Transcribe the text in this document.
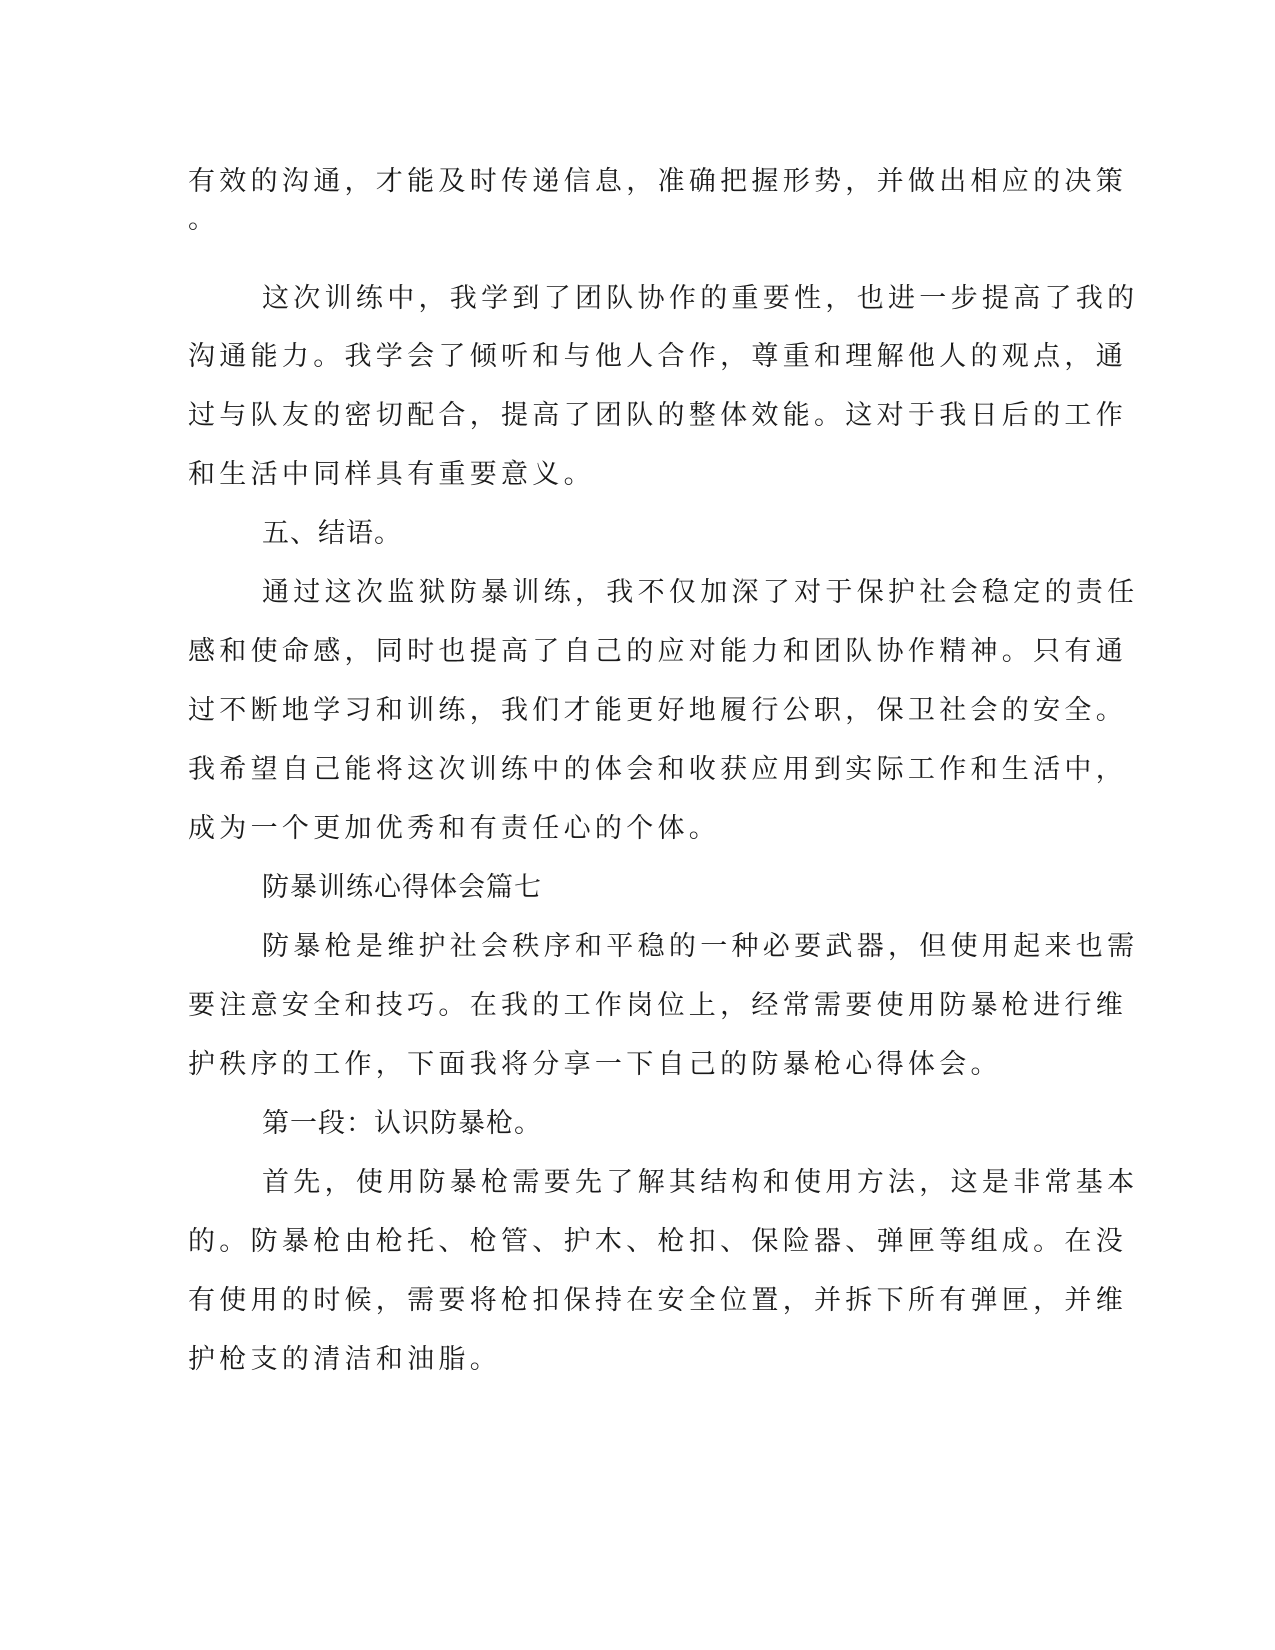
有效的沟通，才能及时传递信息，准确把握形势，并做出相应的决策
。
这次训练中，我学到了团队协作的重要性，也进一步提高了我的
沟通能力。我学会了倾听和与他人合作，尊重和理解他人的观点，通
过与队友的密切配合，提高了团队的整体效能。这对于我日后的工作
和生活中同样具有重要意义。
五、结语。
通过这次监狱防暴训练，我不仅加深了对于保护社会稳定的责任
感和使命感，同时也提高了自己的应对能力和团队协作精神。只有通
过不断地学习和训练，我们才能更好地履行公职，保卫社会的安全。
我希望自己能将这次训练中的体会和收获应用到实际工作和生活中，
成为一个更加优秀和有责任心的个体。
防暴训练心得体会篇七
防暴枪是维护社会秩序和平稳的一种必要武器，但使用起来也需
要注意安全和技巧。在我的工作岗位上，经常需要使用防暴枪进行维
护秩序的工作，下面我将分享一下自己的防暴枪心得体会。
第一段：认识防暴枪。
首先，使用防暴枪需要先了解其结构和使用方法，这是非常基本
的。防暴枪由枪托、枪管、护木、枪扣、保险器、弹匣等组成。在没
有使用的时候，需要将枪扣保持在安全位置，并拆下所有弹匣，并维
护枪支的清洁和油脂。
